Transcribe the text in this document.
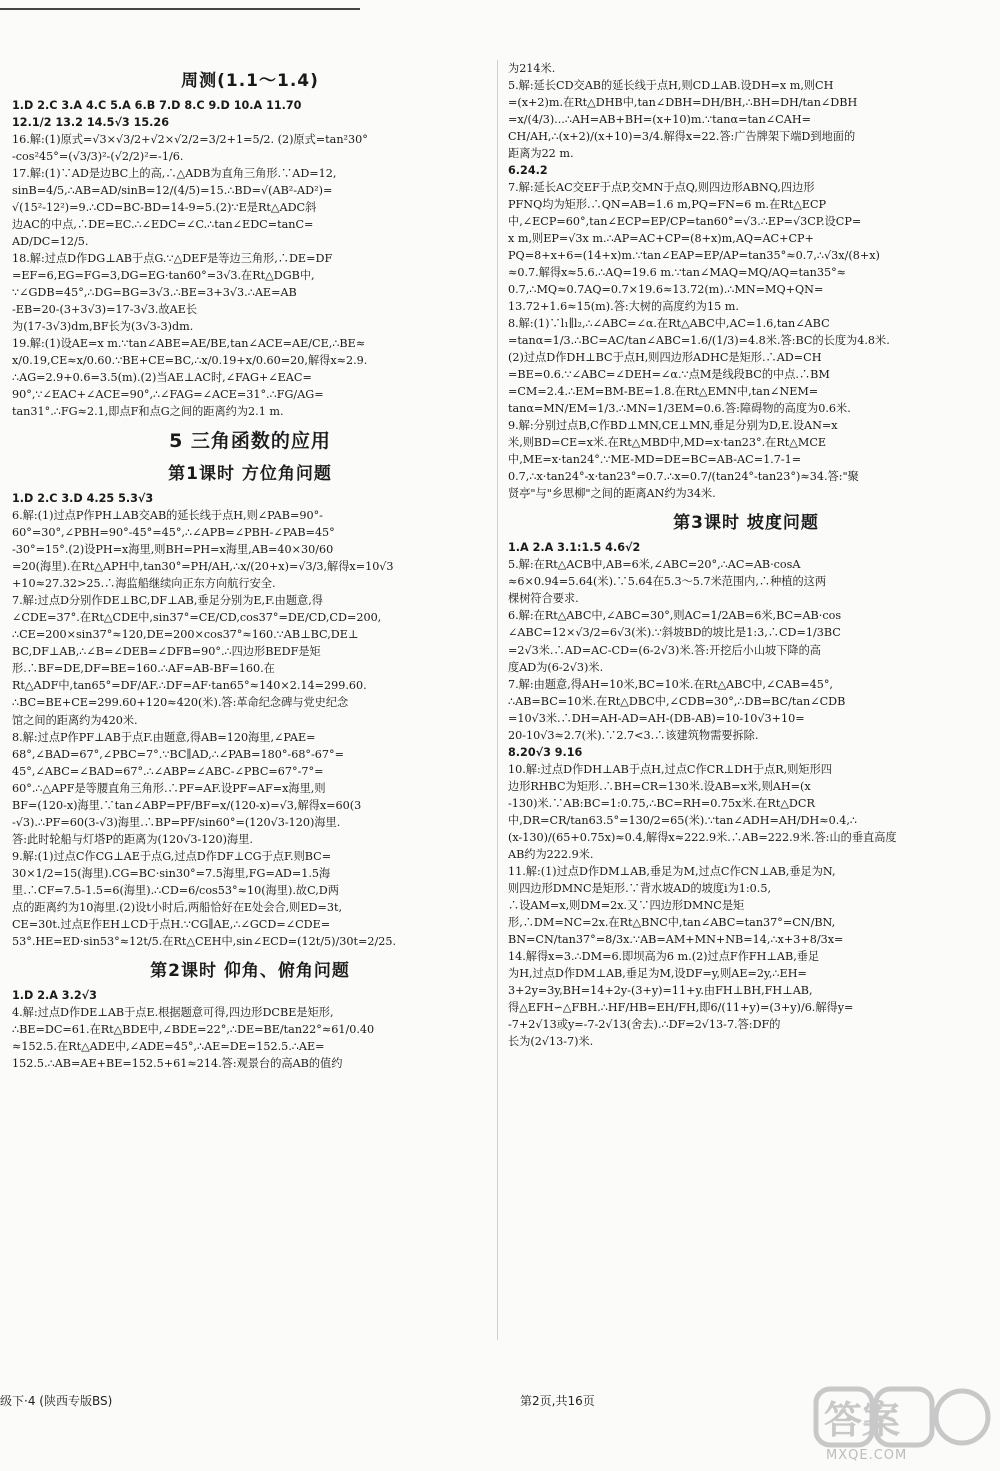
周测(1.1～1.4)

1.D 2.C 3.A 4.C 5.A 6.B 7.D 8.C 9.D 10.A 11.70

12.1/2 13.2 14.5√3 15.26

16.解:(1)原式=√3×√3/2+√2×√2/2=3/2+1=5/2. (2)原式=tan²30°

-cos²45°=(√3/3)²-(√2/2)²=-1/6.

17.解:(1)∵AD是边BC上的高,∴△ADB为直角三角形.∵AD=12,

sinB=4/5,∴AB=AD/sinB=12/(4/5)=15.∴BD=√(AB²-AD²)=

√(15²-12²)=9.∴CD=BC-BD=14-9=5.(2)∵E是Rt△ADC斜

边AC的中点,∴DE=EC.∴∠EDC=∠C.∴tan∠EDC=tanC=

AD/DC=12/5.

18.解:过点D作DG⊥AB于点G.∵△DEF是等边三角形,∴DE=DF

=EF=6,EG=FG=3,DG=EG·tan60°=3√3.在Rt△DGB中,

∵∠GDB=45°,∴DG=BG=3√3.∴BE=3+3√3.∴AE=AB

-EB=20-(3+3√3)=17-3√3.故AE长

为(17-3√3)dm,BF长为(3√3-3)dm.

19.解:(1)设AE=x m.∵tan∠ABE=AE/BE,tan∠ACE=AE/CE,∴BE≈

x/0.19,CE≈x/0.60.∵BE+CE=BC,∴x/0.19+x/0.60=20,解得x≈2.9.

∴AG=2.9+0.6=3.5(m).(2)当AE⊥AC时,∠FAG+∠EAC=

90°,∵∠EAC+∠ACE=90°,∴∠FAG=∠ACE=31°.∴FG/AG=

tan31°.∴FG≈2.1,即点F和点G之间的距离约为2.1 m.

5 三角函数的应用
第1课时 方位角问题

1.D 2.C 3.D 4.25 5.3√3

6.解:(1)过点P作PH⊥AB交AB的延长线于点H,则∠PAB=90°-

60°=30°,∠PBH=90°-45°=45°,∴∠APB=∠PBH-∠PAB=45°

-30°=15°.(2)设PH=x海里,则BH=PH=x海里,AB=40×30/60

=20(海里).在Rt△APH中,tan30°=PH/AH,∴x/(20+x)=√3/3,解得x=10√3

+10≈27.32>25.∴海监船继续向正东方向航行安全.

7.解:过点D分别作DE⊥BC,DF⊥AB,垂足分别为E,F.由题意,得

∠CDE=37°.在Rt△CDE中,sin37°=CE/CD,cos37°=DE/CD,CD=200,

∴CE=200×sin37°≈120,DE=200×cos37°≈160.∵AB⊥BC,DE⊥

BC,DF⊥AB,∴∠B=∠DEB=∠DFB=90°.∴四边形BEDF是矩

形.∴BF=DE,DF=BE=160.∴AF=AB-BF=160.在

Rt△ADF中,tan65°=DF/AF.∴DF=AF·tan65°≈140×2.14=299.60.

∴BC=BE+CE=299.60+120≈420(米).答:革命纪念碑与党史纪念

馆之间的距离约为420米.

8.解:过点P作PF⊥AB于点F.由题意,得AB=120海里,∠PAE=

68°,∠BAD=67°,∠PBC=7°.∵BC∥AD,∴∠PAB=180°-68°-67°=

45°,∠ABC=∠BAD=67°.∴∠ABP=∠ABC-∠PBC=67°-7°=

60°.∴△APF是等腰直角三角形.∴PF=AF.设PF=AF=x海里,则

BF=(120-x)海里.∵tan∠ABP=PF/BF=x/(120-x)=√3,解得x=60(3

-√3).∴PF=60(3-√3)海里.∴BP=PF/sin60°=(120√3-120)海里.

答:此时轮船与灯塔P的距离为(120√3-120)海里.

9.解:(1)过点C作CG⊥AE于点G,过点D作DF⊥CG于点F.则BC=

30×1/2=15(海里).CG=BC·sin30°=7.5海里,FG=AD=1.5海

里.∴CF=7.5-1.5=6(海里).∴CD=6/cos53°≈10(海里).故C,D两

点的距离约为10海里.(2)设t小时后,两船恰好在E处会合,则ED=3t,

CE=30t.过点E作EH⊥CD于点H.∵CG∥AE,∴∠GCD=∠CDE=

53°.HE=ED·sin53°≈12t/5.在Rt△CEH中,sin∠ECD=(12t/5)/30t=2/25.

第2课时 仰角、俯角问题

1.D 2.A 3.2√3

4.解:过点D作DE⊥AB于点E.根据题意可得,四边形DCBE是矩形,

∴BE=DC=61.在Rt△BDE中,∠BDE=22°,∴DE=BE/tan22°≈61/0.40

≈152.5.在Rt△ADE中,∠ADE=45°,∴AE=DE=152.5.∴AE=

152.5.∴AB=AE+BE=152.5+61≈214.答:观景台的高AB的值约

为214米.

5.解:延长CD交AB的延长线于点H,则CD⊥AB.设DH=x m,则CH

=(x+2)m.在Rt△DHB中,tan∠DBH=DH/BH,∴BH=DH/tan∠DBH

=x/(4/3)...∴AH=AB+BH=(x+10)m.∵tanα=tan∠CAH=

CH/AH,∴(x+2)/(x+10)=3/4.解得x=22.答:广告牌架下端D到地面的

距离为22 m.

6.24.2

7.解:延长AC交EF于点P,交MN于点Q,则四边形ABNQ,四边形

PFNQ均为矩形.∴QN=AB=1.6 m,PQ=FN=6 m.在Rt△ECP

中,∠ECP=60°,tan∠ECP=EP/CP=tan60°=√3.∴EP=√3CP.设CP=

x m,则EP=√3x m.∴AP=AC+CP=(8+x)m,AQ=AC+CP+

PQ=8+x+6=(14+x)m.∵tan∠EAP=EP/AP=tan35°≈0.7,∴√3x/(8+x)

≈0.7.解得x≈5.6.∴AQ=19.6 m.∵tan∠MAQ=MQ/AQ=tan35°≈

0.7,∴MQ≈0.7AQ=0.7×19.6≈13.72(m).∴MN=MQ+QN=

13.72+1.6≈15(m).答:大树的高度约为15 m.

8.解:(1)∵l₁∥l₂,∴∠ABC=∠α.在Rt△ABC中,AC=1.6,tan∠ABC

=tanα=1/3.∴BC=AC/tan∠ABC=1.6/(1/3)=4.8米.答:BC的长度为4.8米.

(2)过点D作DH⊥BC于点H,则四边形ADHC是矩形.∴AD=CH

=BE=0.6.∵∠ABC=∠DEH=∠α.∵点M是线段BC的中点.∴BM

=CM=2.4.∴EM=BM-BE=1.8.在Rt△EMN中,tan∠NEM=

tanα=MN/EM=1/3.∴MN=1/3EM=0.6.答:障碍物的高度为0.6米.

9.解:分别过点B,C作BD⊥MN,CE⊥MN,垂足分别为D,E.设AN=x

米,则BD=CE=x米.在Rt△MBD中,MD=x·tan23°.在Rt△MCE

中,ME=x·tan24°.∵ME-MD=DE=BC=AB-AC=1.7-1=

0.7,∴x·tan24°-x·tan23°=0.7.∴x=0.7/(tan24°-tan23°)≈34.答:"聚

贤亭"与"乡思柳"之间的距离AN约为34米.

第3课时 坡度问题

1.A 2.A 3.1:1.5 4.6√2

5.解:在Rt△ACB中,AB=6米,∠ABC=20°,∴AC=AB·cosA

≈6×0.94=5.64(米).∵5.64在5.3～5.7米范围内,∴种植的这两

棵树符合要求.

6.解:在Rt△ABC中,∠ABC=30°,则AC=1/2AB=6米,BC=AB·cos

∠ABC=12×√3/2=6√3(米).∵斜坡BD的坡比是1:3,∴CD=1/3BC

=2√3米.∴AD=AC-CD=(6-2√3)米.答:开挖后小山坡下降的高

度AD为(6-2√3)米.

7.解:由题意,得AH=10米,BC=10米.在Rt△ABC中,∠CAB=45°,

∴AB=BC=10米.在Rt△DBC中,∠CDB=30°,∴DB=BC/tan∠CDB

=10√3米.∴DH=AH-AD=AH-(DB-AB)=10-10√3+10=

20-10√3≈2.7(米).∵2.7<3.∴该建筑物需要拆除.

8.20√3 9.16

10.解:过点D作DH⊥AB于点H,过点C作CR⊥DH于点R,则矩形四

边形RHBC为矩形.∴BH=CR=130米.设AB=x米,则AH=(x

-130)米.∵AB:BC=1:0.75,∴BC=RH=0.75x米.在Rt△DCR

中,DR=CR/tan63.5°=130/2=65(米).∵tan∠ADH=AH/DH≈0.4,∴

(x-130)/(65+0.75x)≈0.4,解得x≈222.9米.∴AB=222.9米.答:山的垂直高度

AB约为222.9米.

11.解:(1)过点D作DM⊥AB,垂足为M,过点C作CN⊥AB,垂足为N,

则四边形DMNC是矩形.∵背水坡AD的坡度i为1:0.5,

∴设AM=x,则DM=2x.又∵四边形DMNC是矩

形,∴DM=NC=2x.在Rt△BNC中,tan∠ABC=tan37°=CN/BN,

BN=CN/tan37°=8/3x.∵AB=AM+MN+NB=14,∴x+3+8/3x=

14.解得x=3.∴DM=6.即坝高为6 m.(2)过点F作FH⊥AB,垂足

为H,过点D作DM⊥AB,垂足为M,设DF=y,则AE=2y,∴EH=

3+2y=3y,BH=14+2y-(3+y)=11+y.由FH⊥BH,FH⊥AB,

得△EFH∽△FBH.∴HF/HB=EH/FH,即6/(11+y)=(3+y)/6.解得y=

-7+2√13或y=-7-2√13(舍去).∴DF=2√13-7.答:DF的

长为(2√13-7)米.

级下·4 (陕西专版BS)	第2页,共16页	答案
MXQE.COM
